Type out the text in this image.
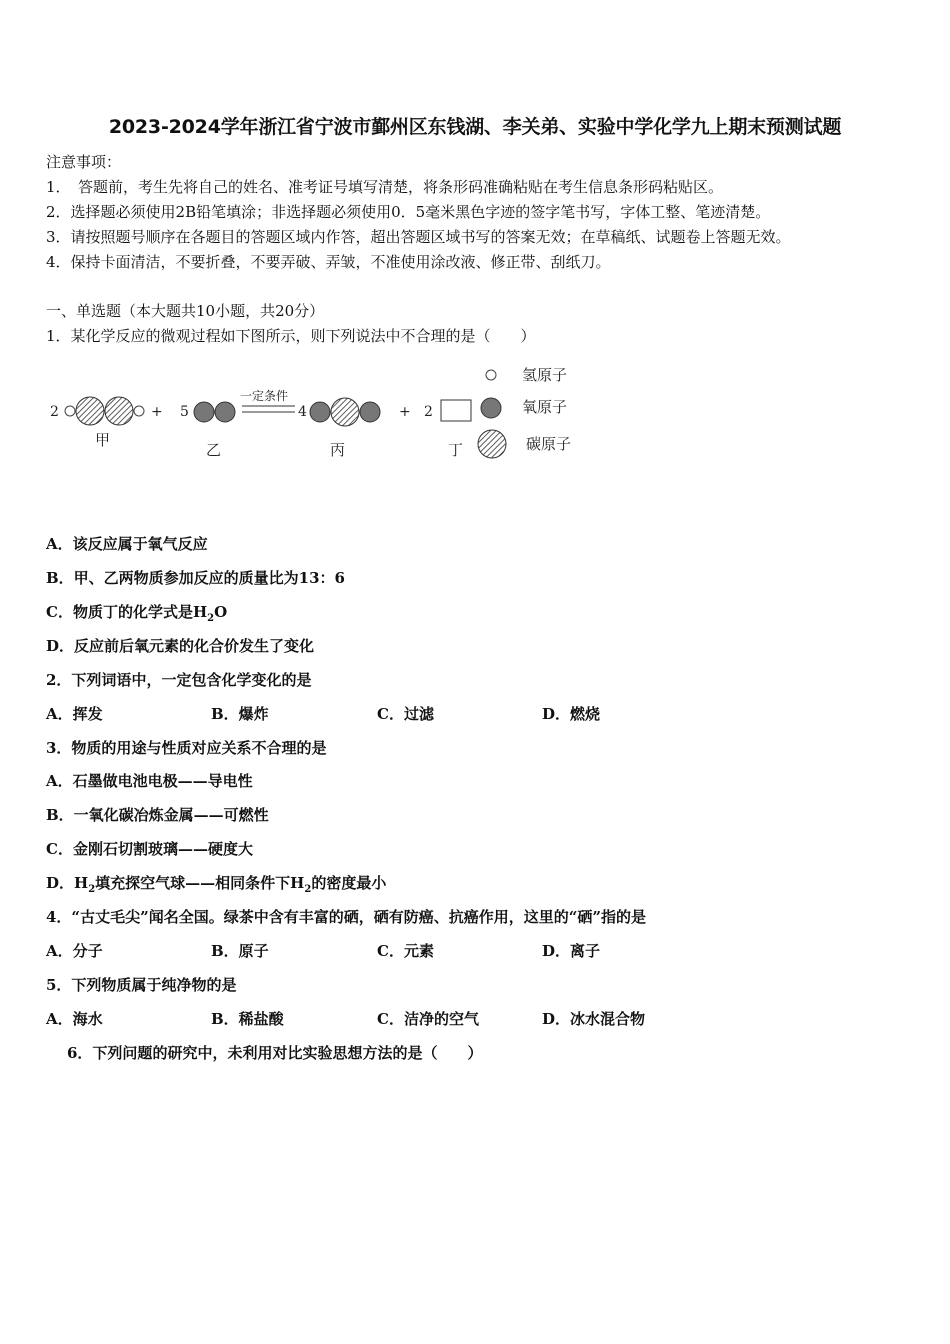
2023-2024学年浙江省宁波市鄞州区东钱湖、李关弟、实验中学化学九上期末预测试题
注意事项：
1．　答题前，考生先将自己的姓名、准考证号填写清楚，将条形码准确粘贴在考生信息条形码粘贴区。
2．选择题必须使用2B铅笔填涂；非选择题必须使用0．5毫米黑色字迹的签字笔书写，字体工整、笔迹清楚。
3．请按照题号顺序在各题目的答题区域内作答，超出答题区域书写的答案无效；在草稿纸、试题卷上答题无效。
4．保持卡面清洁，不要折叠，不要弄破、弄皱，不准使用涂改液、修正带、刮纸刀。
一、单选题（本大题共10小题，共20分）
1．某化学反应的微观过程如下图所示，则下列说法中不合理的是（　　）
2	+
甲
5
乙
一定条件
4
丙
+ 2
丁
氢原子
氧原子
碳原子
A．该反应属于氧气反应
B．甲、乙两物质参加反应的质量比为13：6
C．物质丁的化学式是$H_2O$
D．反应前后氧元素的化合价发生了变化
2．下列词语中，一定包含化学变化的是
A．挥发	B．爆炸	C．过滤	D．燃烧
3．物质的用途与性质对应关系不合理的是
A．石墨做电池电极——导电性
B．一氧化碳冶炼金属——可燃性
C．金刚石切割玻璃——硬度大
D．$H_2$填充探空气球——相同条件下$H_2$的密度最小
4．“古丈毛尖”闻名全国。绿茶中含有丰富的硒，硒有防癌、抗癌作用，这里的“硒”指的是
A．分子	B．原子	C．元素	D．离子
5．下列物质属于纯净物的是
A．海水	B．稀盐酸	C．洁净的空气	D．冰水混合物
6．下列问题的研究中，未利用对比实验思想方法的是（　　）
